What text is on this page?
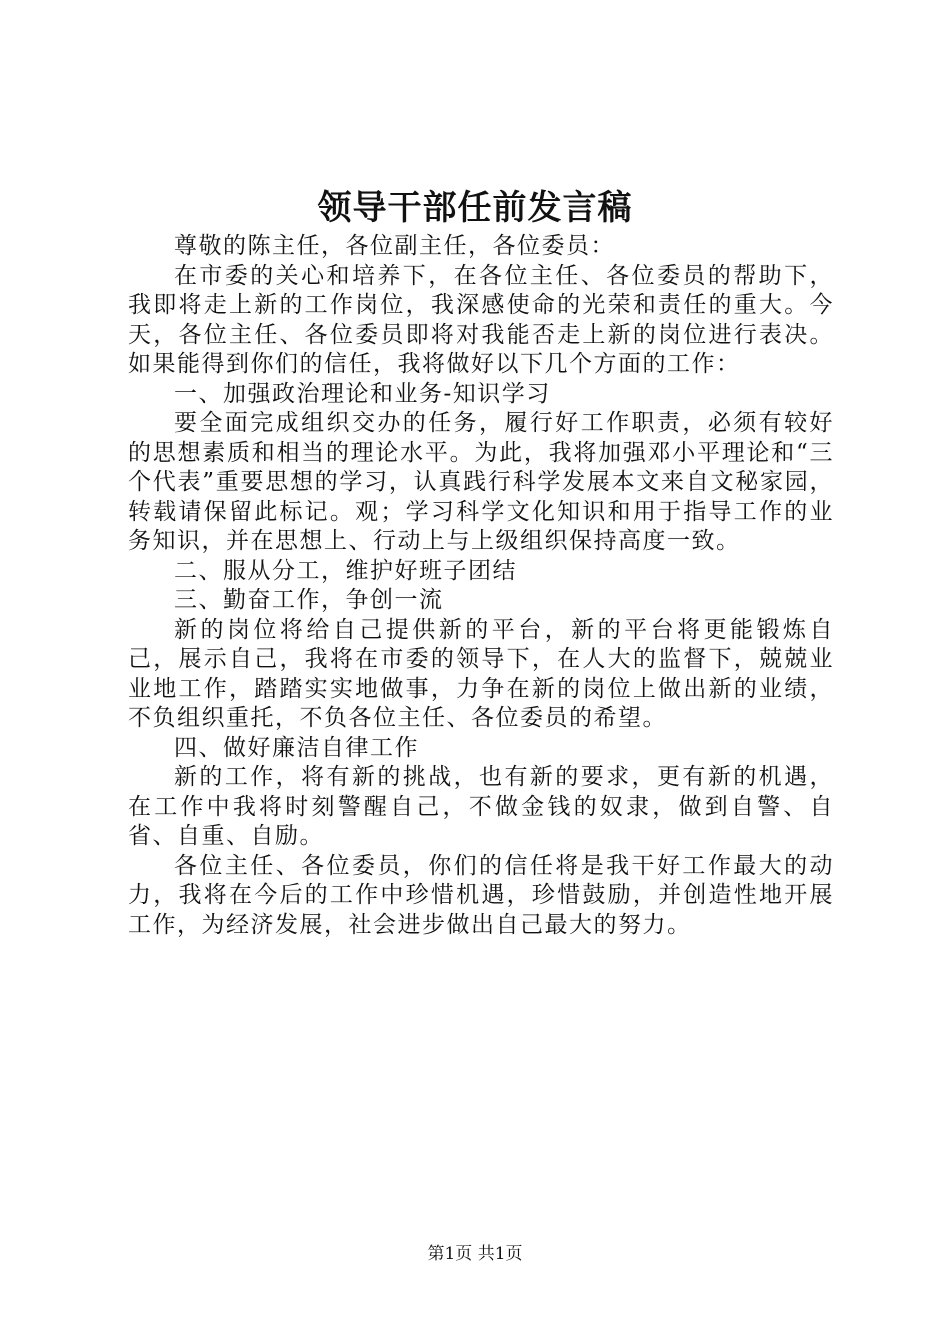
领导干部任前发言稿

尊敬的陈主任，各位副主任，各位委员：

在市委的关心和培养下，在各位主任、各位委员的帮助下，我即将走上新的工作岗位，我深感使命的光荣和责任的重大。今天，各位主任、各位委员即将对我能否走上新的岗位进行表决。如果能得到你们的信任，我将做好以下几个方面的工作：

一、加强政治理论和业务-知识学习

要全面完成组织交办的任务，履行好工作职责，必须有较好的思想素质和相当的理论水平。为此，我将加强邓小平理论和“三个代表”重要思想的学习，认真践行科学发展本文来自文秘家园，转载请保留此标记。观；学习科学文化知识和用于指导工作的业务知识，并在思想上、行动上与上级组织保持高度一致。

二、服从分工，维护好班子团结

三、勤奋工作，争创一流

新的岗位将给自己提供新的平台，新的平台将更能锻炼自己，展示自己，我将在市委的领导下，在人大的监督下，兢兢业业地工作，踏踏实实地做事，力争在新的岗位上做出新的业绩，不负组织重托，不负各位主任、各位委员的希望。

四、做好廉洁自律工作

新的工作，将有新的挑战，也有新的要求，更有新的机遇，在工作中我将时刻警醒自己，不做金钱的奴隶，做到自警、自省、自重、自励。

各位主任、各位委员，你们的信任将是我干好工作最大的动力，我将在今后的工作中珍惜机遇，珍惜鼓励，并创造性地开展工作，为经济发展，社会进步做出自己最大的努力。

第1页 共1页
